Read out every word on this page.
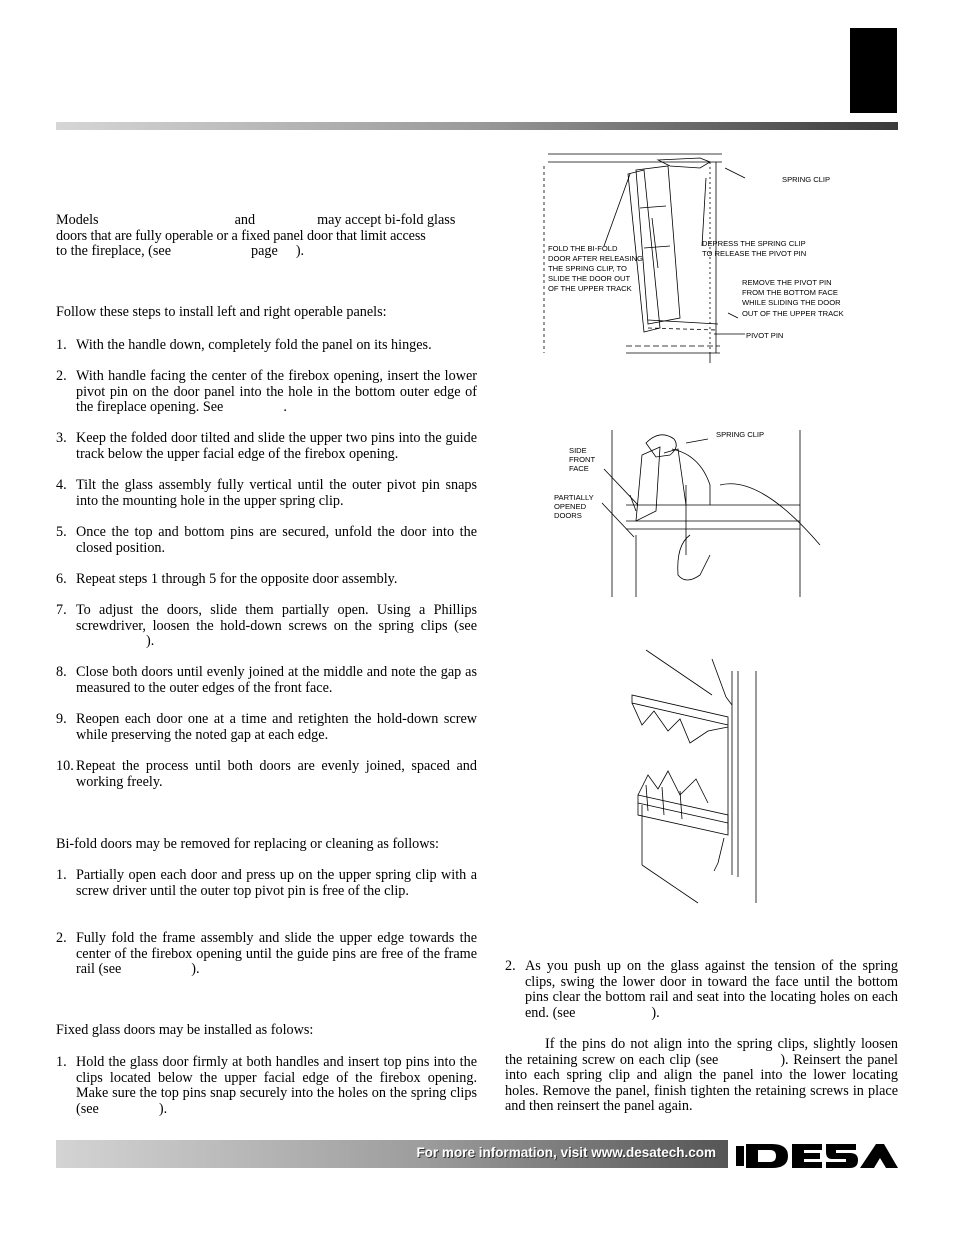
Models	and	may accept bi-fold glass
doors that are fully operable or a fixed panel door that limit access
to the fireplace, (see	page ).
Follow these steps to install left and right operable panels:
1. With the handle down, completely fold the panel on its hinges.
2. With handle facing the center of the firebox opening, insert the lower pivot pin on the door panel into the hole in the bottom outer edge of the fireplace opening. See	.
3. Keep the folded door tilted and slide the upper two pins into the guide track below the upper facial edge of the firebox opening.
4. Tilt the glass assembly fully vertical until the outer pivot pin snaps into the mounting hole in the upper spring clip.
5. Once the top and bottom pins are secured, unfold the door into the closed position.
6. Repeat steps 1 through 5 for the opposite door assembly.
7. To adjust the doors, slide them partially open. Using a Phillips screwdriver, loosen the hold-down screws on the spring clips (see).
8. Close both doors until evenly joined at the middle and note the gap as measured to the outer edges of the front face.
9. Reopen each door one at a time and retighten the hold-down screw while preserving the noted gap at each edge.
10. Repeat the process until both doors are evenly joined, spaced and working freely.
Bi-fold doors may be removed for replacing or cleaning as follows:
1. Partially open each door and press up on the upper spring clip with a screw driver until the outer top pivot pin is free of the clip.
2. Fully fold the frame assembly and slide the upper edge towards the center of the firebox opening until the guide pins are free of the frame rail (see	).
Fixed glass doors may be installed as folows:
1. Hold the glass door firmly at both handles and insert top pins into the clips located below the upper facial edge of the firebox opening. Make sure the top pins snap securely into the holes on the spring clips (see	).
2. As you push up on the glass against the tension of the spring clips, swing the lower door in toward the face until the bottom pins clear the bottom rail and seat into the locating holes on each end. (see	).
If the pins do not align into the spring clips, slightly loosen the retaining screw on each clip (see	). Reinsert the panel into each spring clip and align the panel into the lower locating holes. Remove the panel, finish tighten the retaining screws in place and then reinsert the panel again.
SPRING CLIP
FOLD THE BI-FOLD
DOOR AFTER RELEASING
THE SPRING CLIP, TO
SLIDE THE DOOR OUT
OF THE UPPER TRACK
DEPRESS THE SPRING CLIP
TO RELEASE THE PIVOT PIN
REMOVE THE PIVOT PIN
FROM THE BOTTOM FACE
WHILE SLIDING THE DOOR
OUT OF THE UPPER TRACK
PIVOT PIN
SPRING CLIP
SIDE
FRONT
FACE
PARTIALLY
OPENED
DOORS
For more information, visit www.desatech.com
